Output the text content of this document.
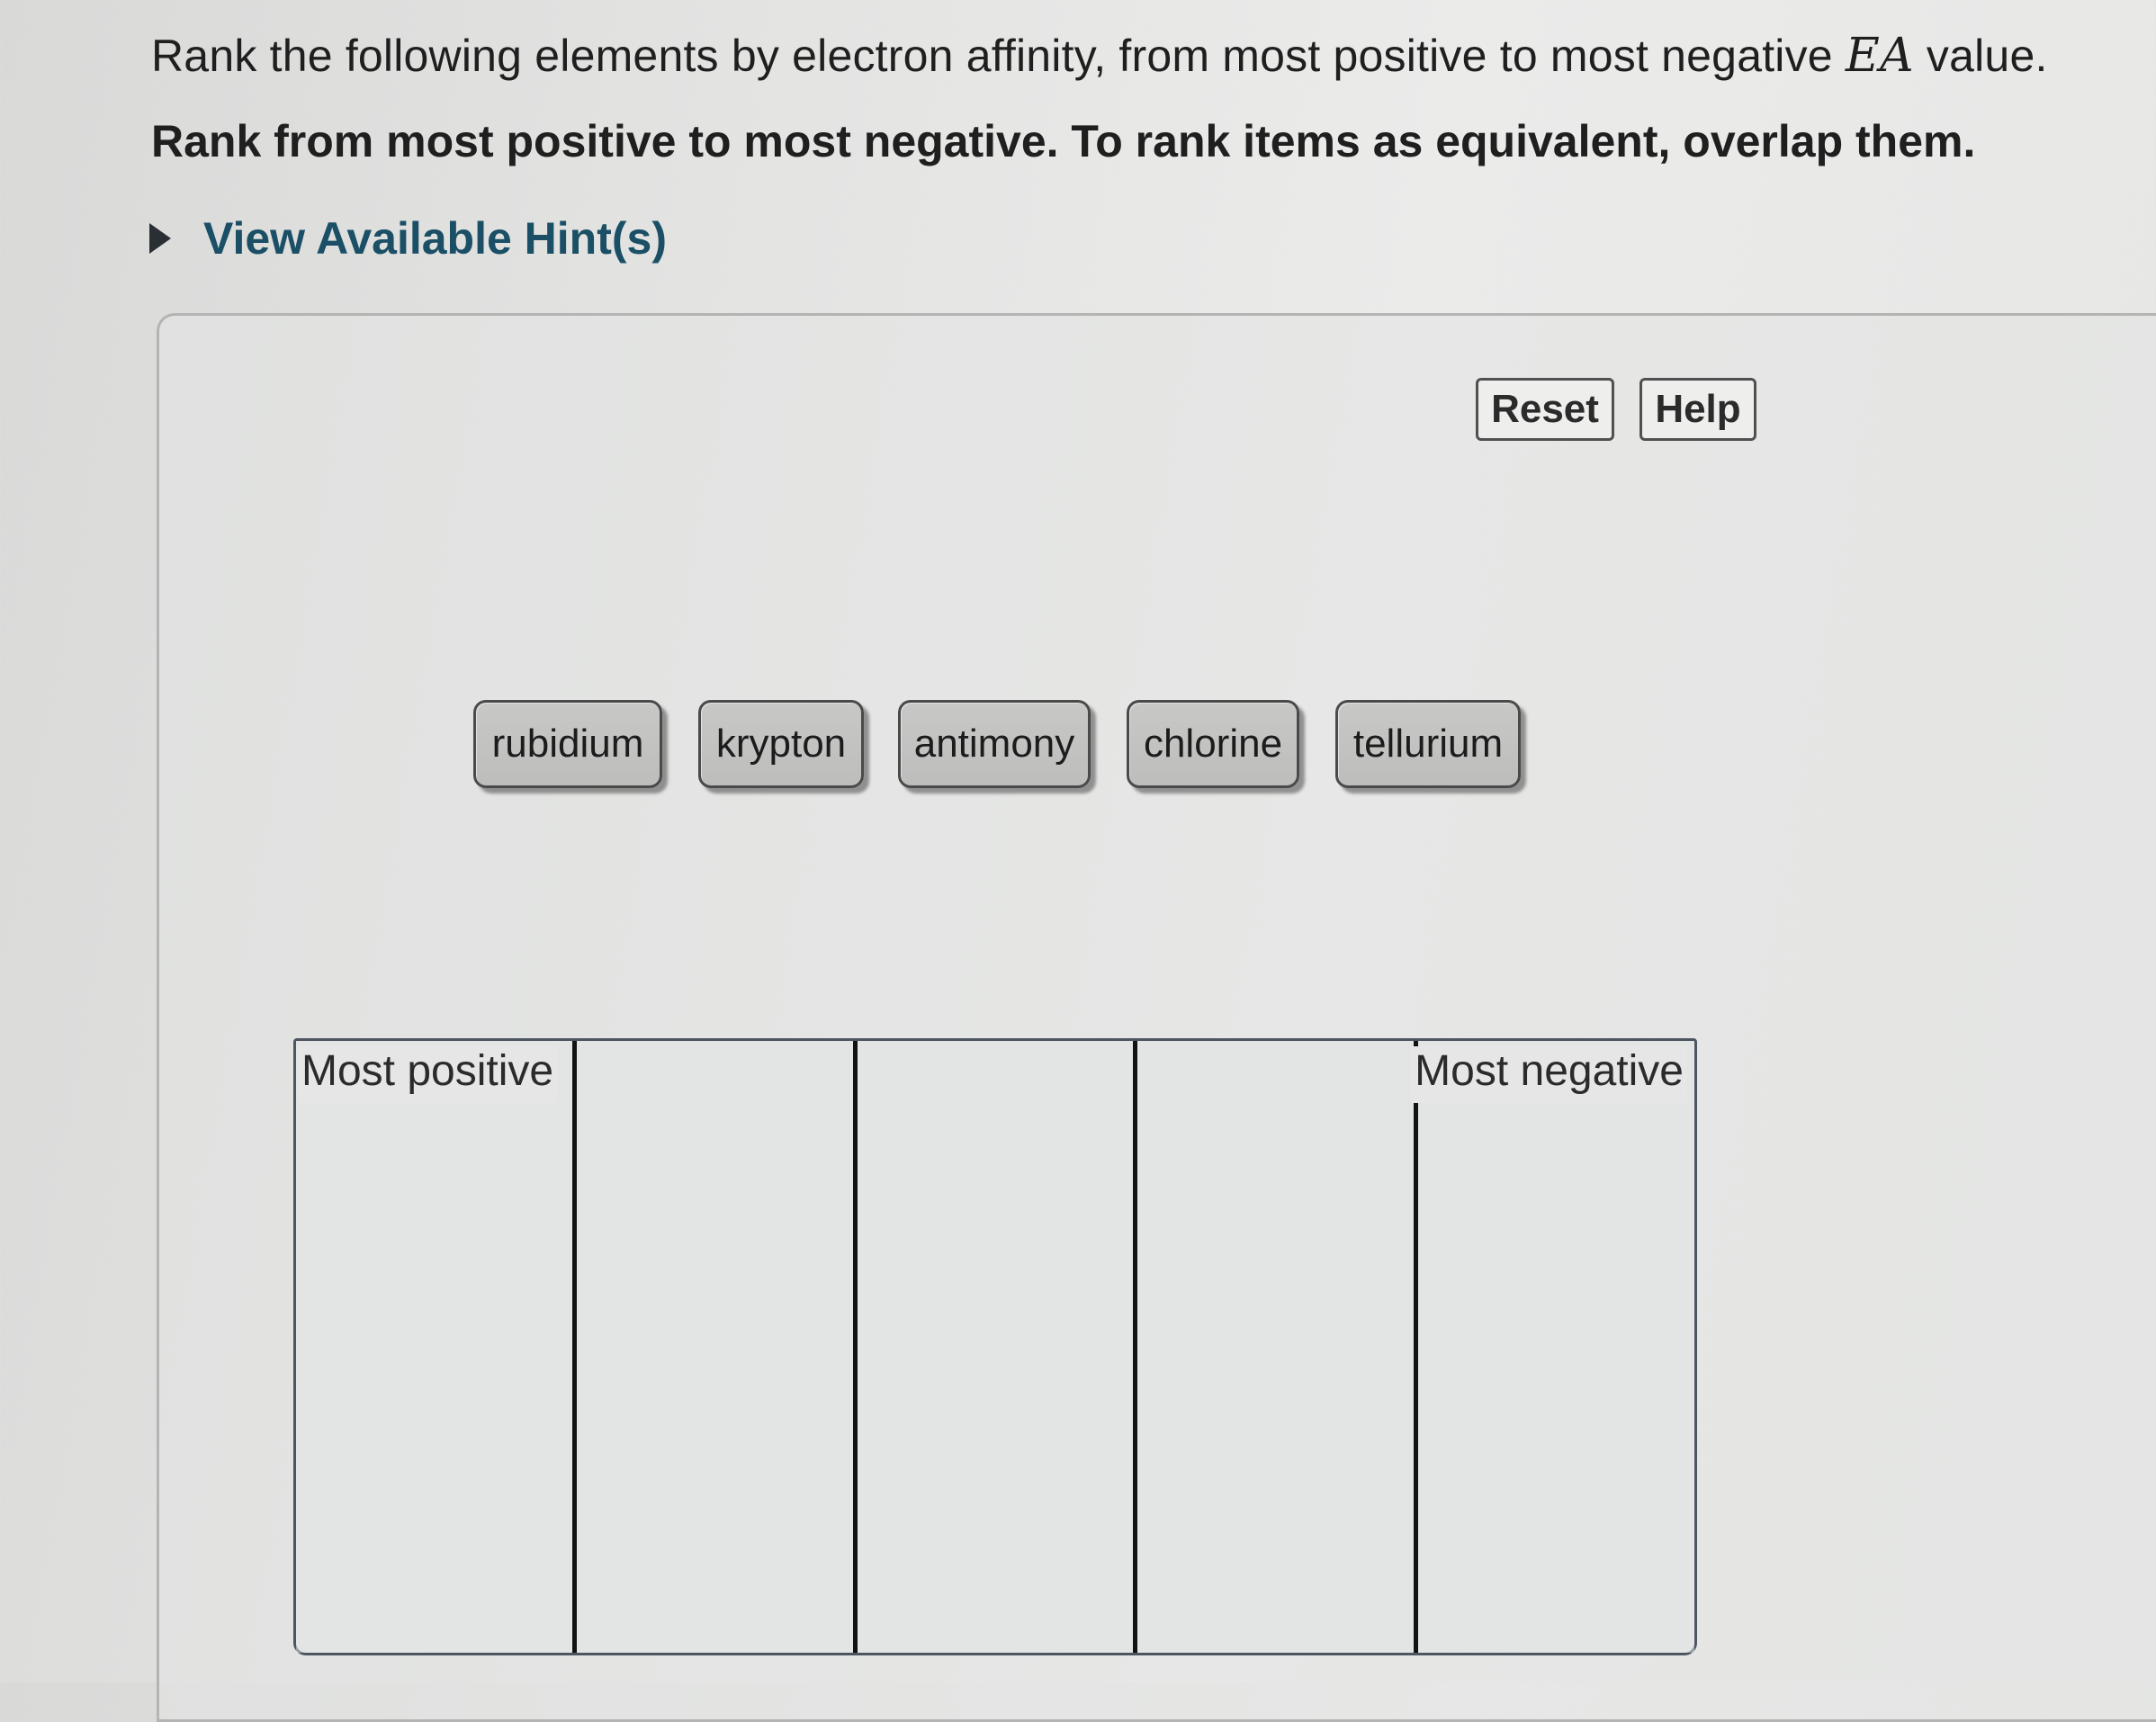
Rank the following elements by electron affinity, from most positive to most negative EA value.
Rank from most positive to most negative. To rank items as equivalent, overlap them.
View Available Hint(s)
Reset	Help
rubidium	krypton	antimony	chlorine	tellurium
Most positive	Most negative
